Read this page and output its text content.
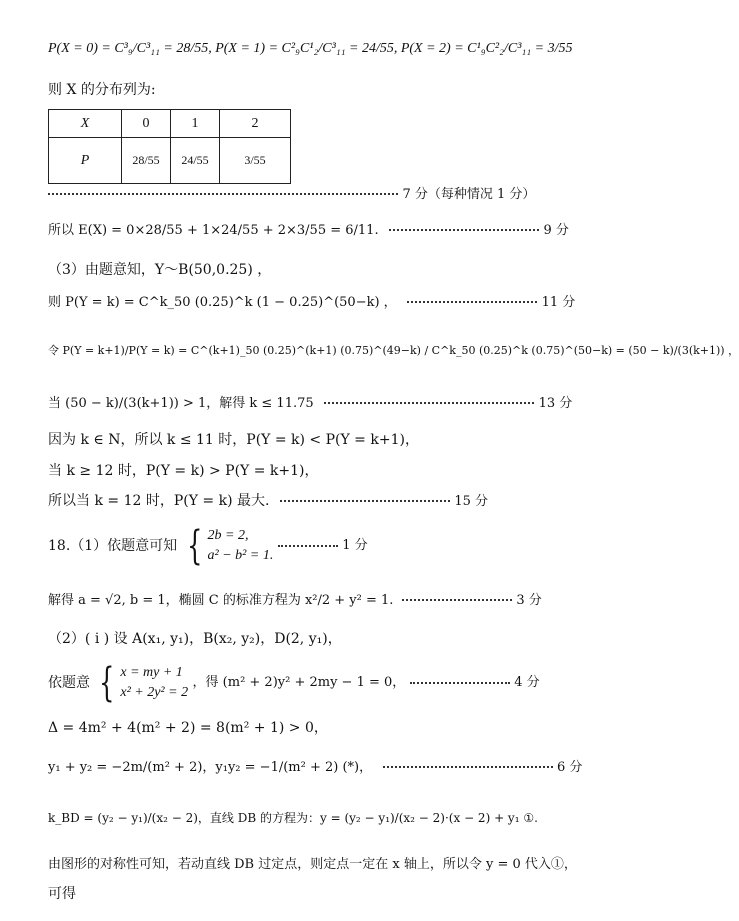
P(X = 0) = C³₉/C³₁₁ = 28/55, P(X = 1) = C²₉C¹₂/C³₁₁ = 24/55, P(X = 2) = C¹₉C²₂/C³₁₁ = 3/55
则 X 的分布列为:
X	0	1	2
P	28/55	24/55	3/55
7 分（每种情况 1 分）
所以 E(X) = 0×28/55 + 1×24/55 + 2×3/55 = 6/11.	9 分
（3）由题意知，Y～B(50,0.25) ，
则 P(Y = k) = C^k_50 (0.25)^k (1 − 0.25)^(50−k) ，	11 分
令 P(Y = k+1)/P(Y = k) = C^(k+1)_50 (0.25)^(k+1) (0.75)^(49−k) / C^k_50 (0.25)^k (0.75)^(50−k) = (50 − k)/(3(k+1)) ，
当 (50 − k)/(3(k+1)) > 1，解得 k ≤ 11.75	13 分
因为 k ∈ N，所以 k ≤ 11 时，P(Y = k) < P(Y = k+1)，
当 k ≥ 12 时，P(Y = k) > P(Y = k+1)，
所以当 k = 12 时，P(Y = k) 最大.	15 分
18.（1）依题意可知 { 2b = 2,
a² − b² = 1.
1 分
解得 a = √2, b = 1，椭圆 C 的标准方程为 x²/2 + y² = 1.	3 分
（2）( i ) 设 A(x₁, y₁)，B(x₂, y₂)，D(2, y₁)，
依题意 { x = my + 1
x² + 2y² = 2
，得 (m² + 2)y² + 2my − 1 = 0，	4 分
Δ = 4m² + 4(m² + 2) = 8(m² + 1) > 0，
y₁ + y₂ = −2m/(m² + 2)，y₁y₂ = −1/(m² + 2) (*)，	6 分
k_BD = (y₂ − y₁)/(x₂ − 2)，直线 DB 的方程为：y = (y₂ − y₁)/(x₂ − 2)·(x − 2) + y₁ ①.
由图形的对称性可知，若动直线 DB 过定点，则定点一定在 x 轴上，所以令 y = 0 代入①，
可得
